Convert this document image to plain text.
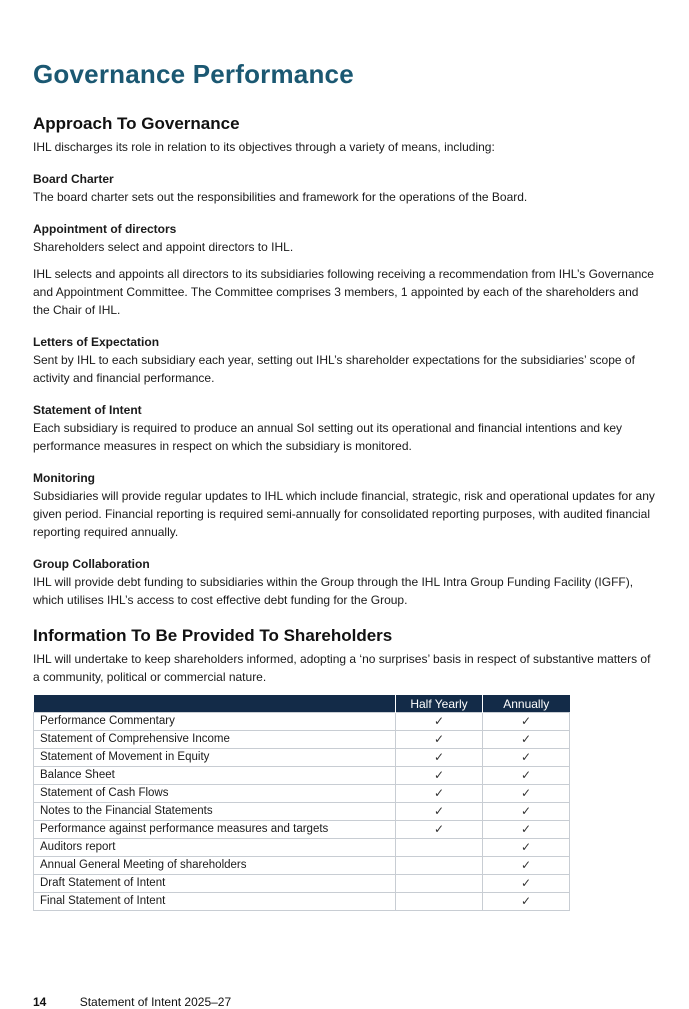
Governance Performance
Approach To Governance

IHL discharges its role in relation to its objectives through a variety of means, including:

Board Charter

The board charter sets out the responsibilities and framework for the operations of the Board.

Appointment of directors

Shareholders select and appoint directors to IHL.

IHL selects and appoints all directors to its subsidiaries following receiving a recommendation from IHL’s Governance and Appointment Committee. The Committee comprises 3 members, 1 appointed by each of the shareholders and the Chair of IHL.

Letters of Expectation

Sent by IHL to each subsidiary each year, setting out IHL’s shareholder expectations for the subsidiaries’ scope of activity and financial performance.

Statement of Intent

Each subsidiary is required to produce an annual SoI setting out its operational and financial intentions and key performance measures in respect on which the subsidiary is monitored.

Monitoring

Subsidiaries will provide regular updates to IHL which include financial, strategic, risk and operational updates for any given period. Financial reporting is required semi-annually for consolidated reporting purposes, with audited financial reporting required annually.

Group Collaboration

IHL will provide debt funding to subsidiaries within the Group through the IHL Intra Group Funding Facility (IGFF), which utilises IHL’s access to cost effective debt funding for the Group.

Information To Be Provided To Shareholders

IHL will undertake to keep shareholders informed, adopting a ‘no surprises’ basis in respect of substantive matters of a community, political or commercial nature.

	Half Yearly	Annually
Performance Commentary	✓	✓
Statement of Comprehensive Income	✓	✓
Statement of Movement in Equity	✓	✓
Balance Sheet	✓	✓
Statement of Cash Flows	✓	✓
Notes to the Financial Statements	✓	✓
Performance against performance measures and targets	✓	✓
Auditors report		✓
Annual General Meeting of shareholders		✓
Draft Statement of Intent		✓
Final Statement of Intent		✓
14	Statement of Intent 2025–27
